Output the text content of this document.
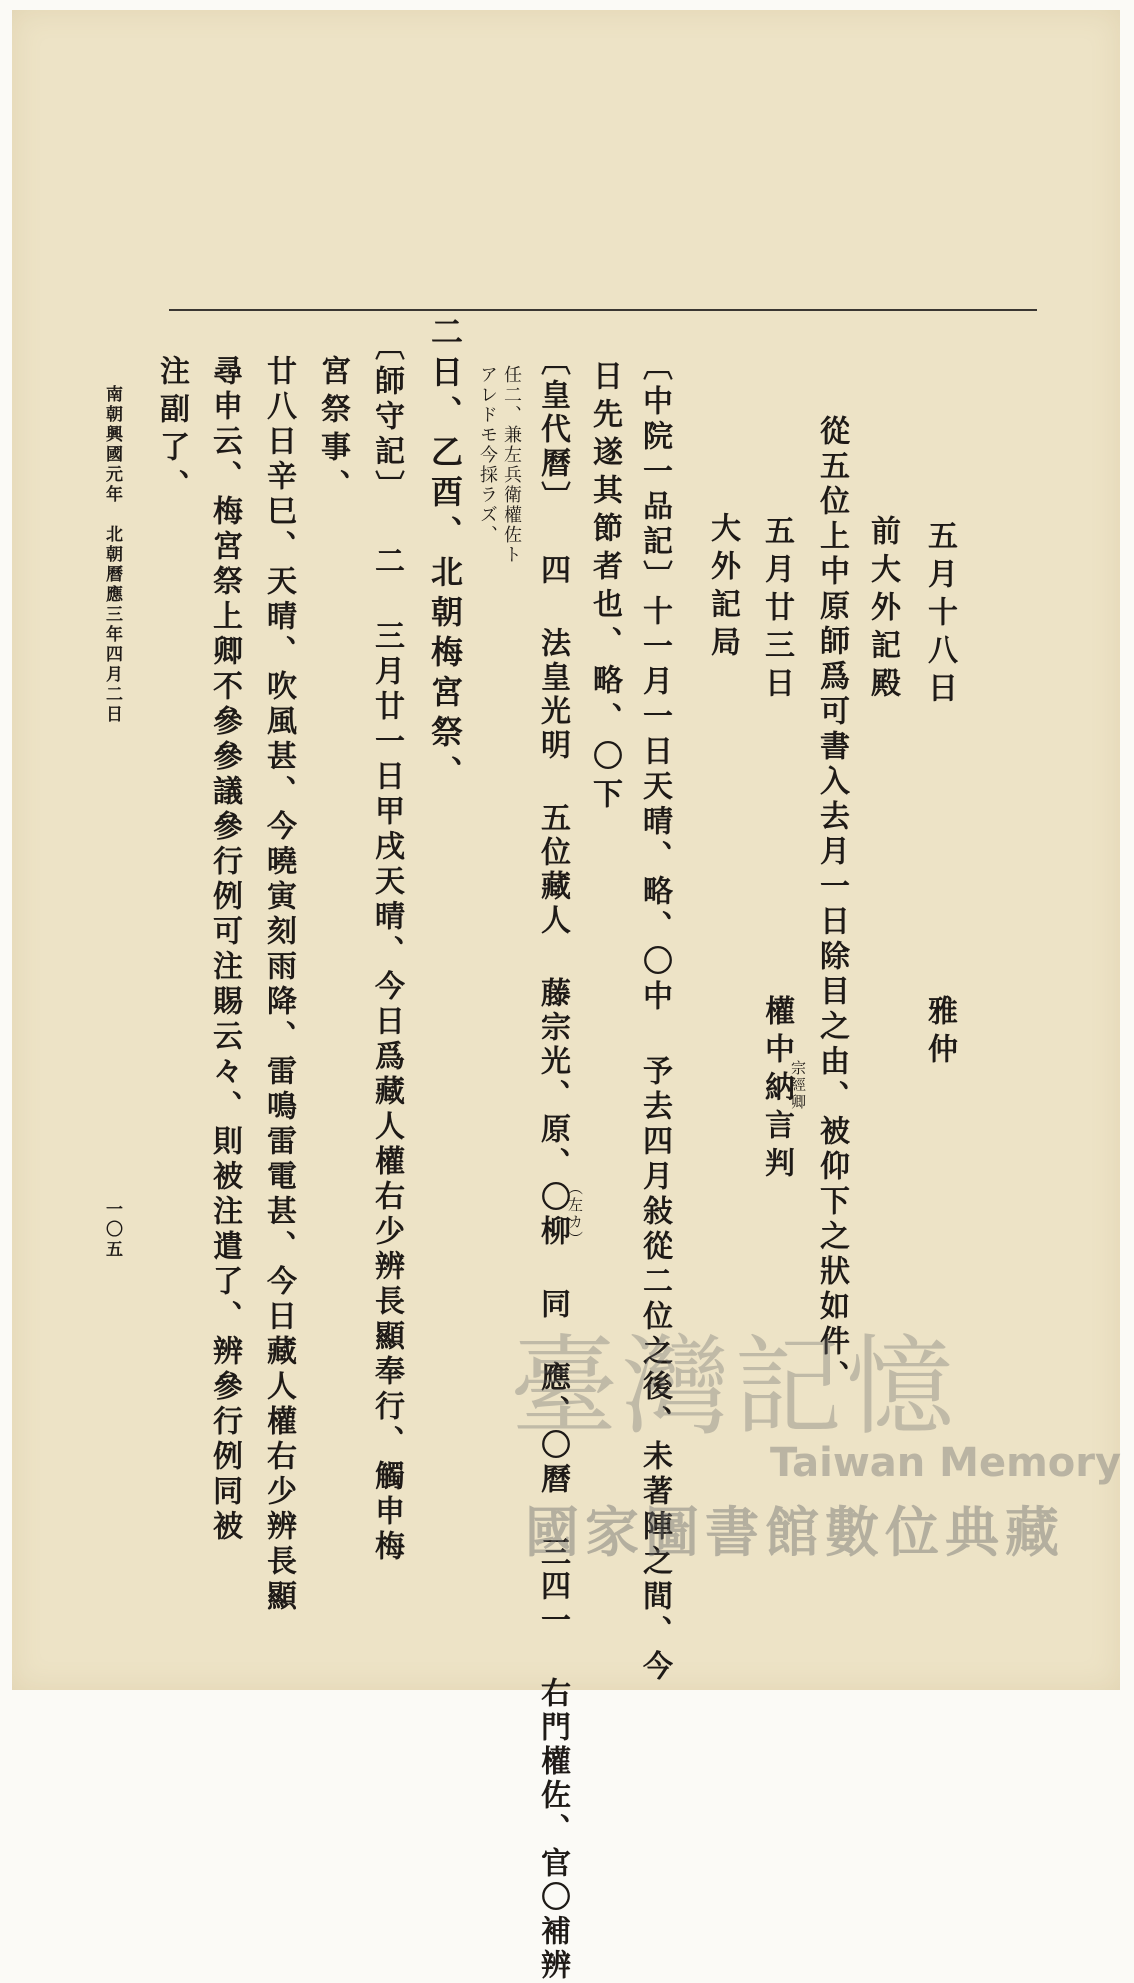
五月十八日
雅仲
前大外記殿
從五位上中原師爲可書入去月一日除目之由、被仰下之狀如件、
五月廿三日
權中納言判
宗經卿
大外記局
〔中院一品記〕十一月一日天晴、略、〇中 予去四月敍從二位之後、未著陣之間、今
日先遂其節者也、略、〇下
〔皇代曆〕 四 法皇光明 五位藏人 藤宗光、原、〇柳 同 應、〇曆 三四一 右門權佐、官〇補辨
（左カ）
任二、兼左兵衛權佐ト
アレドモ今採ラズ、
二日、乙酉、北朝梅宮祭、
〔師守記〕 二 三月廿一日甲戌天晴、今日爲藏人權右少辨長顯奉行、觸申梅
宮祭事、
廿八日辛巳、天晴、吹風甚、今曉寅刻雨降、雷鳴雷電甚、今日藏人權右少辨長顯
尋申云、梅宮祭上卿不參參議參行例可注賜云々、則被注遣了、辨參行例同被
注副了、
南朝興國元年　北朝曆應三年四月二日
一〇五
臺灣記憶
Taiwan Memory
國家圖書館數位典藏
